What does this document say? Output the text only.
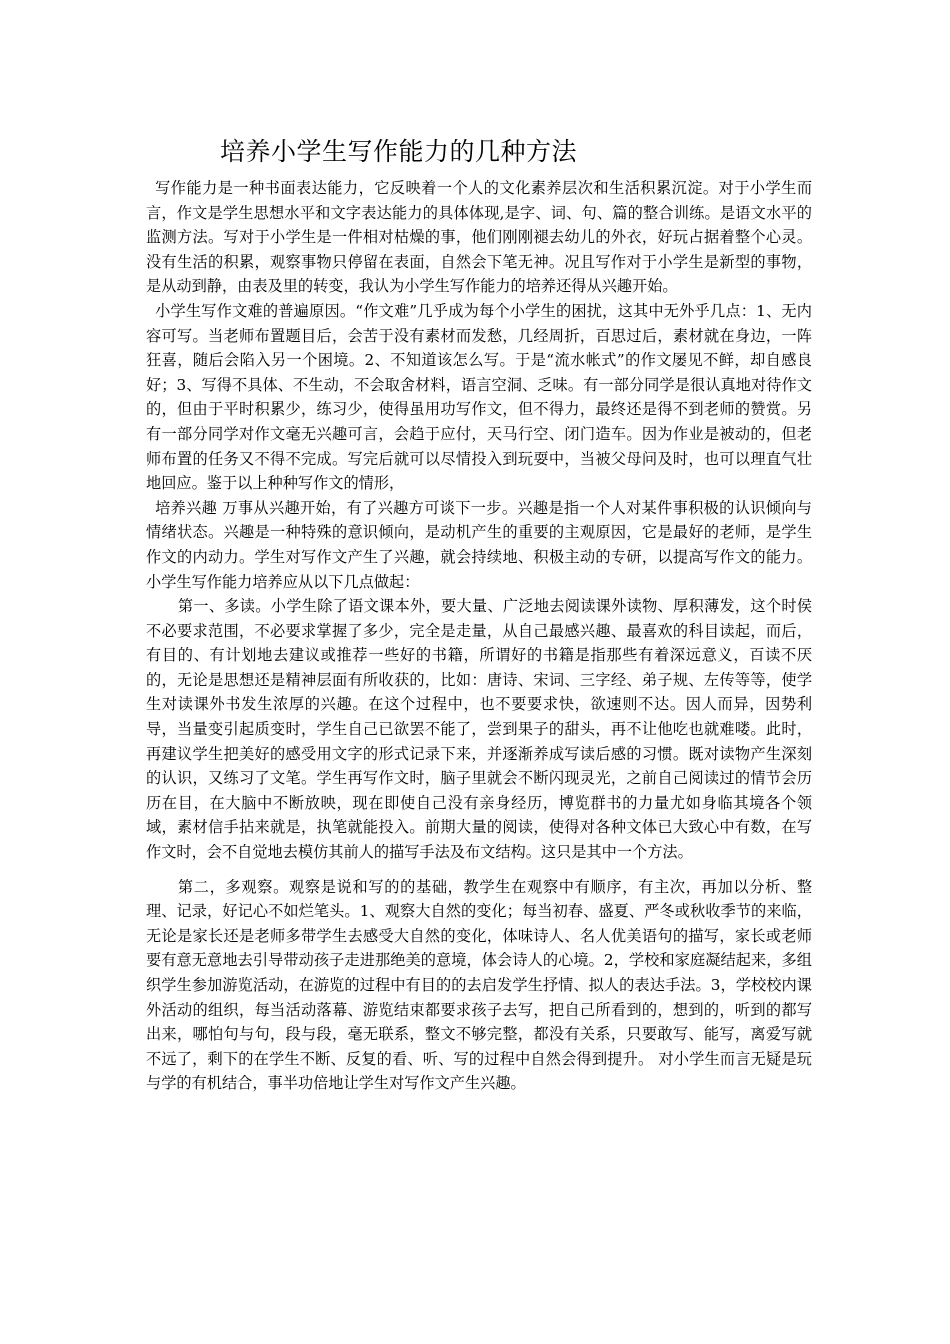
培养小学生写作能力的几种方法

写作能力是一种书面表达能力，它反映着一个人的文化素养层次和生活积累沉淀。对于小学生而言，作文是学生思想水平和文字表达能力的具体体现,是字、词、句、篇的整合训练。是语文水平的监测方法。写对于小学生是一件相对枯燥的事，他们刚刚褪去幼儿的外衣，好玩占据着整个心灵。没有生活的积累，观察事物只停留在表面，自然会下笔无神。况且写作对于小学生是新型的事物，是从动到静，由表及里的转变，我认为小学生写作能力的培养还得从兴趣开始。

小学生写作文难的普遍原因。“作文难”几乎成为每个小学生的困扰，这其中无外乎几点：1、无内容可写。当老师布置题目后，会苦于没有素材而发愁，几经周折，百思过后，素材就在身边，一阵狂喜，随后会陷入另一个困境。2、不知道该怎么写。于是“流水帐式”的作文屡见不鲜，却自感良好；3、写得不具体、不生动，不会取舍材料，语言空洞、乏味。有一部分同学是很认真地对待作文的，但由于平时积累少，练习少，使得虽用功写作文，但不得力，最终还是得不到老师的赞赏。另有一部分同学对作文毫无兴趣可言，会趋于应付，天马行空、闭门造车。因为作业是被动的，但老师布置的任务又不得不完成。写完后就可以尽情投入到玩耍中，当被父母问及时，也可以理直气壮地回应。鉴于以上种种写作文的情形，

培养兴趣 万事从兴趣开始，有了兴趣方可谈下一步。兴趣是指一个人对某件事积极的认识倾向与情绪状态。兴趣是一种特殊的意识倾向，是动机产生的重要的主观原因，它是最好的老师，是学生作文的内动力。学生对写作文产生了兴趣，就会持续地、积极主动的专研，以提高写作文的能力。 小学生写作能力培养应从以下几点做起：

第一、多读。小学生除了语文课本外，要大量、广泛地去阅读课外读物、厚积薄发，这个时侯不必要求范围，不必要求掌握了多少，完全是走量，从自己最感兴趣、最喜欢的科目读起，而后，有目的、有计划地去建议或推荐一些好的书籍，所谓好的书籍是指那些有着深远意义，百读不厌的，无论是思想还是精神层面有所收获的，比如：唐诗、宋词、三字经、弟子规、左传等等，使学生对读课外书发生浓厚的兴趣。在这个过程中，也不要要求快，欲速则不达。因人而异，因势利导，当量变引起质变时，学生自己已欲罢不能了，尝到果子的甜头，再不让他吃也就难喽。此时，再建议学生把美好的感受用文字的形式记录下来，并逐渐养成写读后感的习惯。既对读物产生深刻的认识，又练习了文笔。学生再写作文时，脑子里就会不断闪现灵光，之前自己阅读过的情节会历历在目，在大脑中不断放映，现在即使自己没有亲身经历，博览群书的力量尤如身临其境各个领域，素材信手拈来就是，执笔就能投入。前期大量的阅读，使得对各种文体已大致心中有数，在写作文时，会不自觉地去模仿其前人的描写手法及布文结构。这只是其中一个方法。

第二，多观察。观察是说和写的的基础，教学生在观察中有顺序，有主次，再加以分析、整理、记录，好记心不如烂笔头。1、观察大自然的变化；每当初春、盛夏、严冬或秋收季节的来临，无论是家长还是老师多带学生去感受大自然的变化，体味诗人、名人优美语句的描写，家长或老师要有意无意地去引导带动孩子走进那绝美的意境，体会诗人的心境。2，学校和家庭凝结起来，多组织学生参加游览活动，在游览的过程中有目的的去启发学生抒情、拟人的表达手法。3，学校校内课外活动的组织，每当活动落幕、游览结束都要求孩子去写，把自己所看到的，想到的，听到的都写出来，哪怕句与句，段与段，毫无联系，整文不够完整，都没有关系，只要敢写、能写，离爱写就不远了，剩下的在学生不断、反复的看、听、写的过程中自然会得到提升。 对小学生而言无疑是玩与学的有机结合，事半功倍地让学生对写作文产生兴趣。
